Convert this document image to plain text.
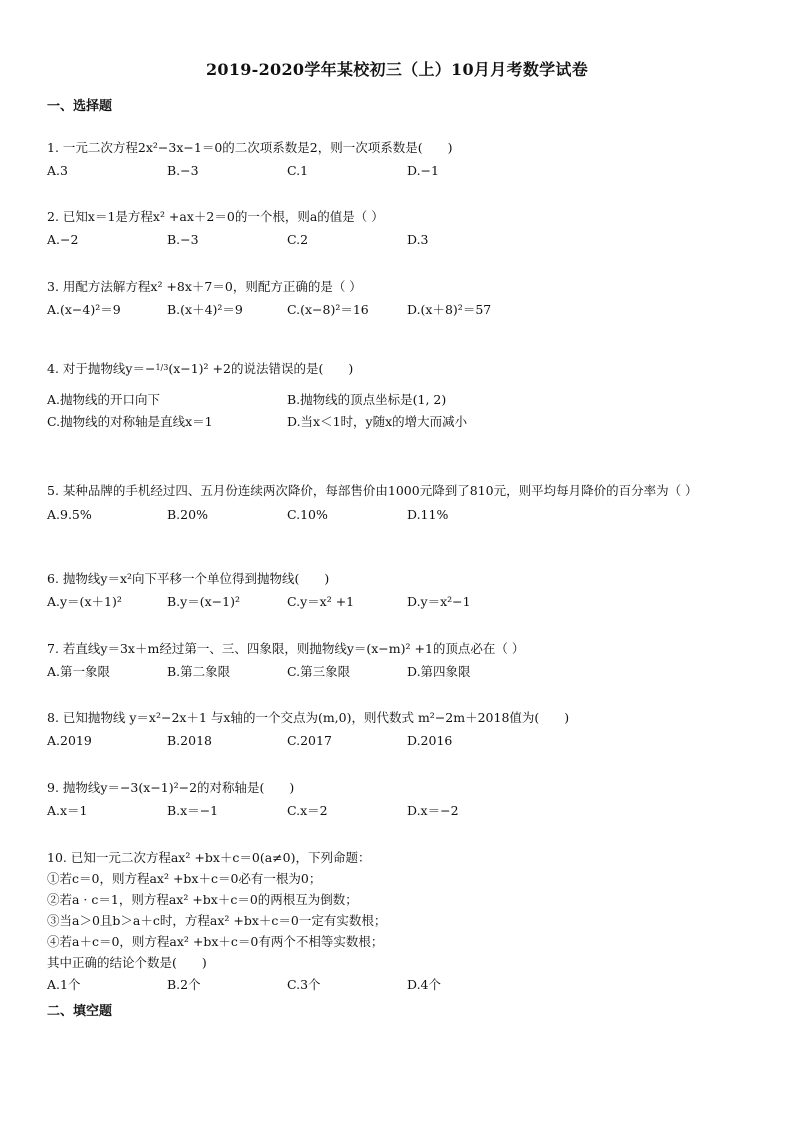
2019-2020学年某校初三（上）10月月考数学试卷
一、选择题
1. 一元二次方程2x²−3x−1＝0的二次项系数是2，则一次项系数是(　　)
A.3	B.−3	C.1	D.−1
2. 已知x＝1是方程x² +ax＋2＝0的一个根，则a的值是（ ）
A.−2	B.−3	C.2	D.3
3. 用配方法解方程x² +8x＋7＝0，则配方正确的是（ ）
A.(x−4)²＝9	B.(x＋4)²＝9	C.(x−8)²＝16	D.(x＋8)²＝57
4. 对于抛物线y＝−1/3(x−1)² +2的说法错误的是(　　)
A.抛物线的开口向下	B.抛物线的顶点坐标是(1, 2)
C.抛物线的对称轴是直线x＝1	D.当x＜1时，y随x的增大而减小
5. 某种品牌的手机经过四、五月份连续两次降价，每部售价由1000元降到了810元，则平均每月降价的百分率为（ ）
A.9.5%	B.20%	C.10%	D.11%
6. 抛物线y＝x²向下平移一个单位得到抛物线(　　)
A.y＝(x＋1)²	B.y＝(x−1)²	C.y＝x² +1	D.y＝x²−1
7. 若直线y＝3x＋m经过第一、三、四象限，则抛物线y＝(x−m)² +1的顶点必在（ ）
A.第一象限	B.第二象限	C.第三象限	D.第四象限
8. 已知抛物线 y＝x²−2x＋1 与x轴的一个交点为(m,0)，则代数式 m²−2m＋2018值为(　　)
A.2019	B.2018	C.2017	D.2016
9. 抛物线y＝−3(x−1)²−2的对称轴是(　　)
A.x＝1	B.x＝−1	C.x＝2	D.x＝−2
10. 已知一元二次方程ax² +bx＋c＝0(a≠0)，下列命题：
①若c＝0，则方程ax² +bx＋c＝0必有一根为0；
②若a · c＝1，则方程ax² +bx＋c＝0的两根互为倒数；
③当a＞0且b＞a＋c时，方程ax² +bx＋c＝0一定有实数根；
④若a＋c＝0，则方程ax² +bx＋c＝0有两个不相等实数根；
其中正确的结论个数是(　　)
A.1个	B.2个	C.3个	D.4个
二、填空题
